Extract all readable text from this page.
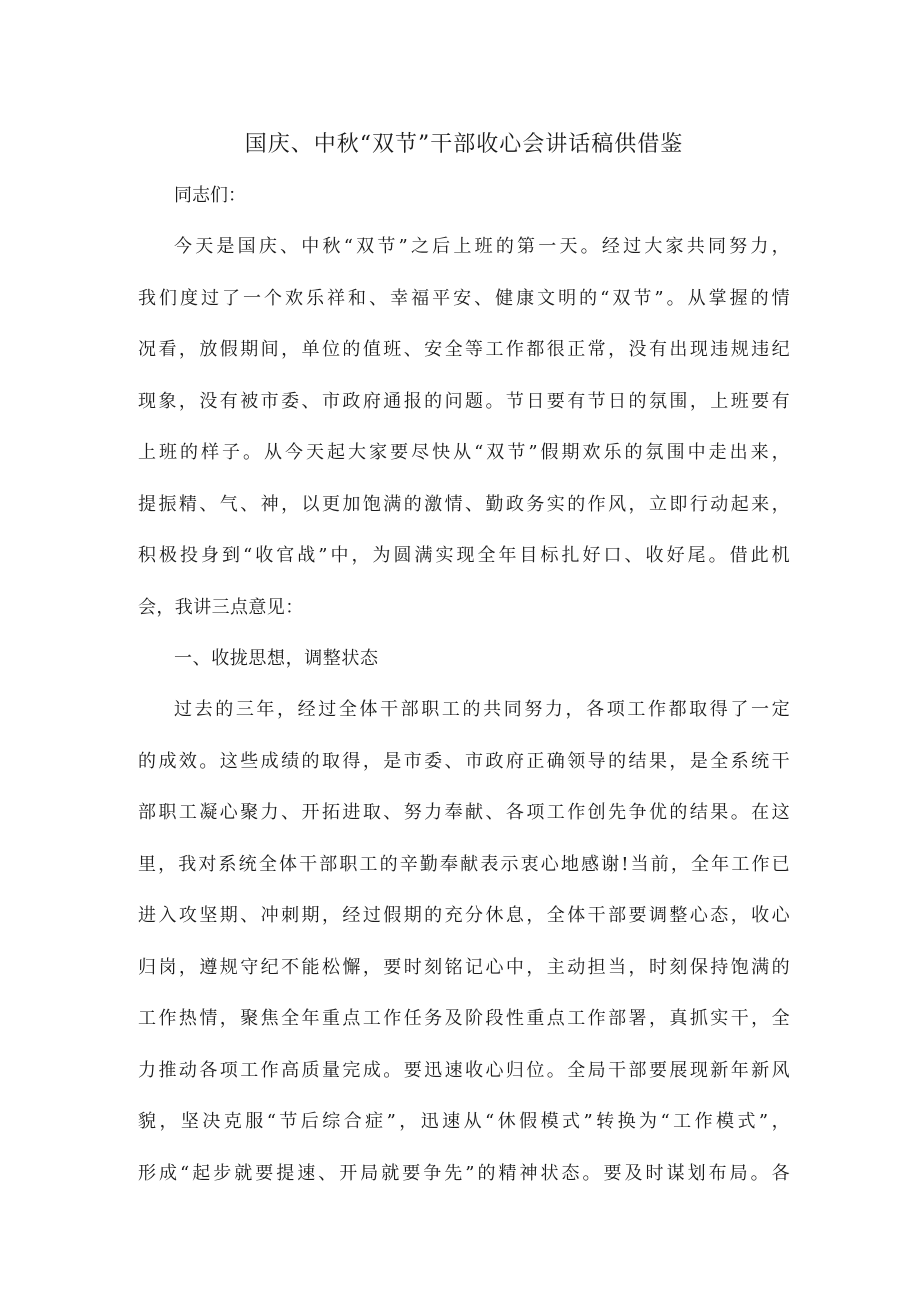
国庆、中秋“双节”干部收心会讲话稿供借鉴

同志们：

今天是国庆、中秋“双节”之后上班的第一天。经过大家共同努力，
我们度过了一个欢乐祥和、幸福平安、健康文明的“双节”。从掌握的情
况看，放假期间，单位的值班、安全等工作都很正常，没有出现违规违纪
现象，没有被市委、市政府通报的问题。节日要有节日的氛围，上班要有
上班的样子。从今天起大家要尽快从“双节”假期欢乐的氛围中走出来，
提振精、气、神，以更加饱满的激情、勤政务实的作风，立即行动起来，
积极投身到“收官战”中，为圆满实现全年目标扎好口、收好尾。借此机
会，我讲三点意见：

一、收拢思想，调整状态

过去的三年，经过全体干部职工的共同努力，各项工作都取得了一定
的成效。这些成绩的取得，是市委、市政府正确领导的结果，是全系统干
部职工凝心聚力、开拓进取、努力奉献、各项工作创先争优的结果。在这
里，我对系统全体干部职工的辛勤奉献表示衷心地感谢!当前，全年工作已
进入攻坚期、冲刺期，经过假期的充分休息，全体干部要调整心态，收心
归岗，遵规守纪不能松懈，要时刻铭记心中，主动担当，时刻保持饱满的
工作热情，聚焦全年重点工作任务及阶段性重点工作部署，真抓实干，全
力推动各项工作高质量完成。要迅速收心归位。全局干部要展现新年新风
貌，坚决克服“节后综合症”，迅速从“休假模式”转换为“工作模式”，
形成“起步就要提速、开局就要争先”的精神状态。要及时谋划布局。各
